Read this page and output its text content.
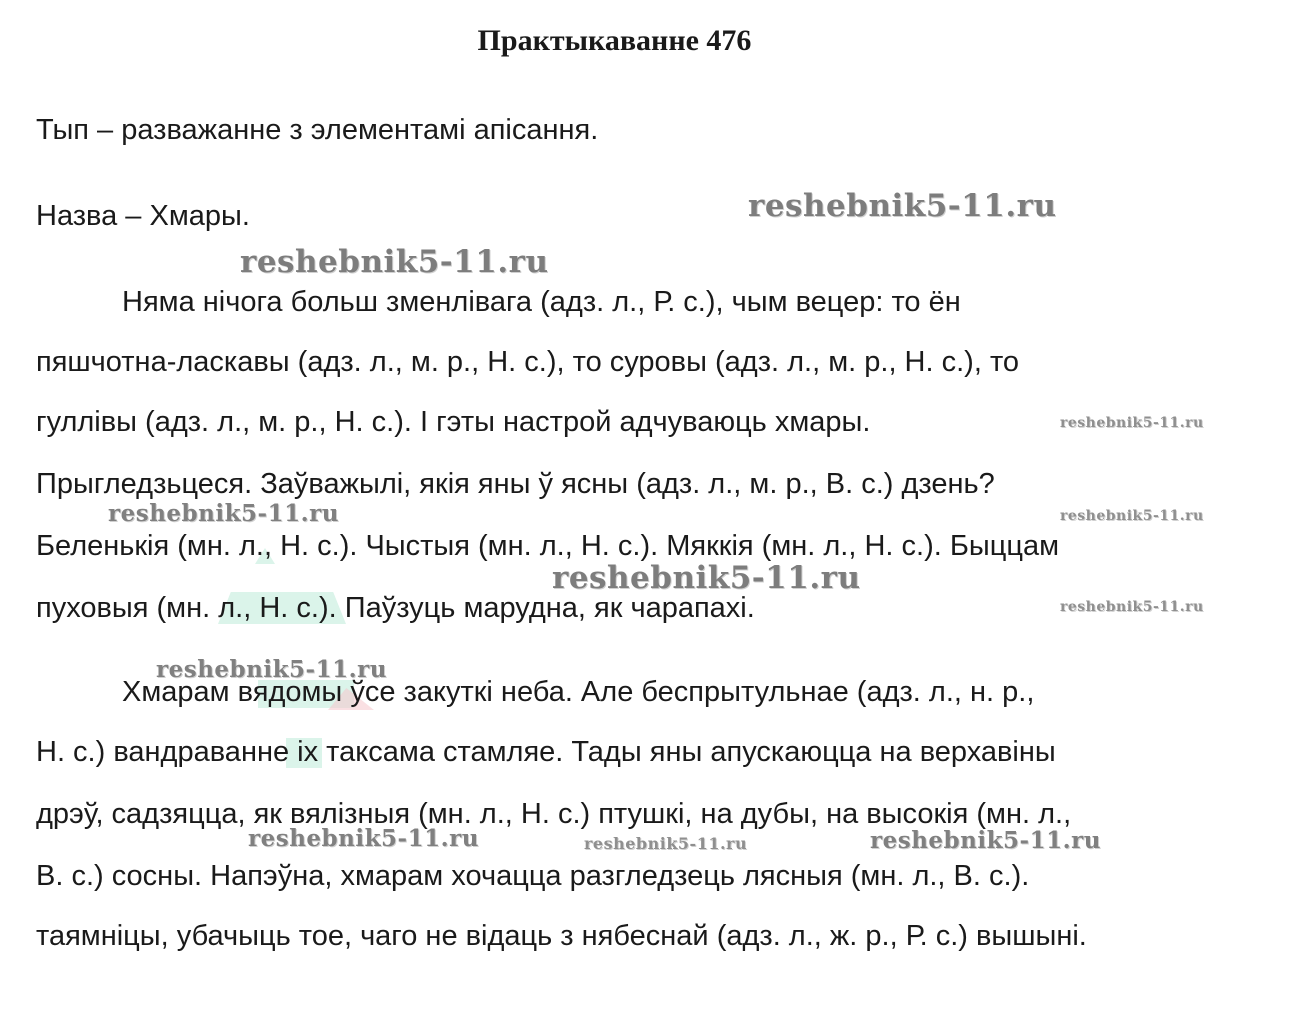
Практыкаванне 476

Тып – разважанне з элементамі апісання.

Назва – Хмары.

Няма нічога больш зменлівага (адз. л., Р. с.), чым вецер: то ён

пяшчотна-ласкавы (адз. л., м. р., Н. с.), то суровы (адз. л., м. р., Н. с.), то

гуллівы (адз. л., м. р., Н. с.). І гэты настрой адчуваюць хмары.

Прыгледзьцеся. Заўважылі, якія яны ў ясны (адз. л., м. р., В. с.) дзень?

Беленькія (мн. л., Н. с.). Чыстыя (мн. л., Н. с.). Мяккія (мн. л., Н. с.). Быццам

пуховыя (мн. л., Н. с.). Паўзуць марудна, як чарапахі.

Хмарам вядомы ўсе закуткі неба. Але беспрытульнае (адз. л., н. р.,

Н. с.) вандраванне іх таксама стамляе. Тады яны апускаюцца на верхавіны

дрэў, садзяцца, як вялізныя (мн. л., Н. с.) птушкі, на дубы, на высокія (мн. л.,

В. с.) сосны. Напэўна, хмарам хочацца разгледзець лясныя (мн. л., В. с.).

таямніцы, убачыць тое, чаго не відаць з нябеснай (адз. л., ж. р., Р. с.) вышыні.

reshebnik5-11.ru
reshebnik5-11.ru
reshebnik5-11.ru
reshebnik5-11.ru	reshebnik5-11.ru
reshebnik5-11.ru
reshebnik5-11.ru
reshebnik5-11.ru
reshebnik5-11.ru	reshebnik5-11.ru	reshebnik5-11.ru
